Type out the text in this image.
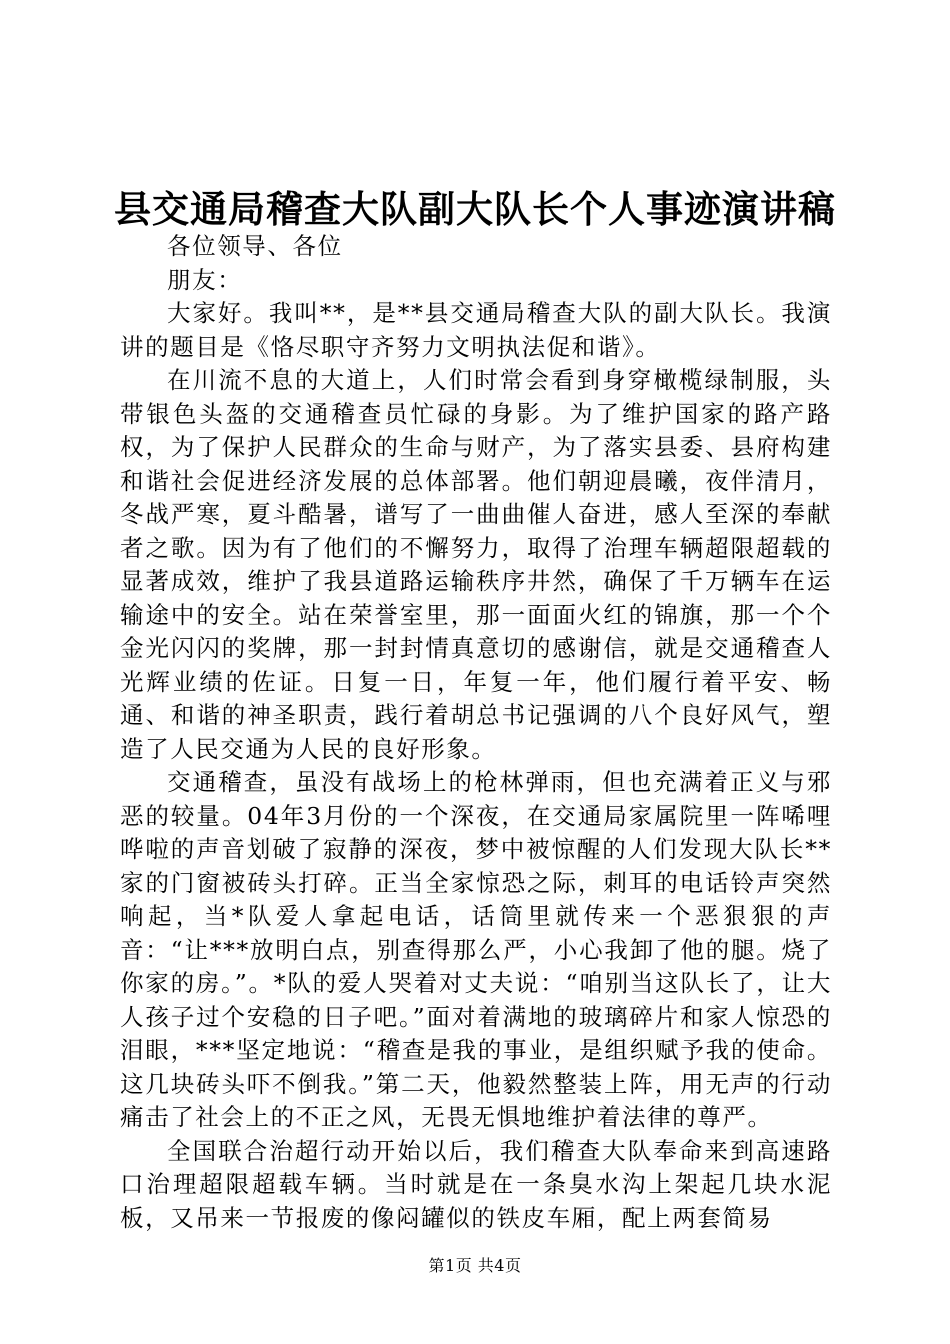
县交通局稽查大队副大队长个人事迹演讲稿
各位领导、各位
朋友：

大家好。我叫**，是**县交通局稽查大队的副大队长。我演讲的题目是《恪尽职守齐努力文明执法促和谐》。

在川流不息的大道上，人们时常会看到身穿橄榄绿制服，头带银色头盔的交通稽查员忙碌的身影。为了维护国家的路产路权，为了保护人民群众的生命与财产，为了落实县委、县府构建和谐社会促进经济发展的总体部署。他们朝迎晨曦，夜伴清月，冬战严寒，夏斗酷暑，谱写了一曲曲催人奋进，感人至深的奉献者之歌。因为有了他们的不懈努力，取得了治理车辆超限超载的显著成效，维护了我县道路运输秩序井然，确保了千万辆车在运输途中的安全。站在荣誉室里，那一面面火红的锦旗，那一个个金光闪闪的奖牌，那一封封情真意切的感谢信，就是交通稽查人光辉业绩的佐证。日复一日，年复一年，他们履行着平安、畅通、和谐的神圣职责，践行着胡总书记强调的八个良好风气，塑造了人民交通为人民的良好形象。

交通稽查，虽没有战场上的枪林弹雨，但也充满着正义与邪恶的较量。04年3月份的一个深夜，在交通局家属院里一阵唏哩哗啦的声音划破了寂静的深夜，梦中被惊醒的人们发现大队长**家的门窗被砖头打碎。正当全家惊恐之际，刺耳的电话铃声突然响起，当*队爱人拿起电话，话筒里就传来一个恶狠狠的声音：“让***放明白点，别查得那么严，小心我卸了他的腿。烧了你家的房。”。*队的爱人哭着对丈夫说：“咱别当这队长了，让大人孩子过个安稳的日子吧。”面对着满地的玻璃碎片和家人惊恐的泪眼，***坚定地说：“稽查是我的事业，是组织赋予我的使命。这几块砖头吓不倒我。”第二天，他毅然整装上阵，用无声的行动痛击了社会上的不正之风，无畏无惧地维护着法律的尊严。

全国联合治超行动开始以后，我们稽查大队奉命来到高速路口治理超限超载车辆。当时就是在一条臭水沟上架起几块水泥板，又吊来一节报废的像闷罐似的铁皮车厢，配上两套简易

第1页 共4页
